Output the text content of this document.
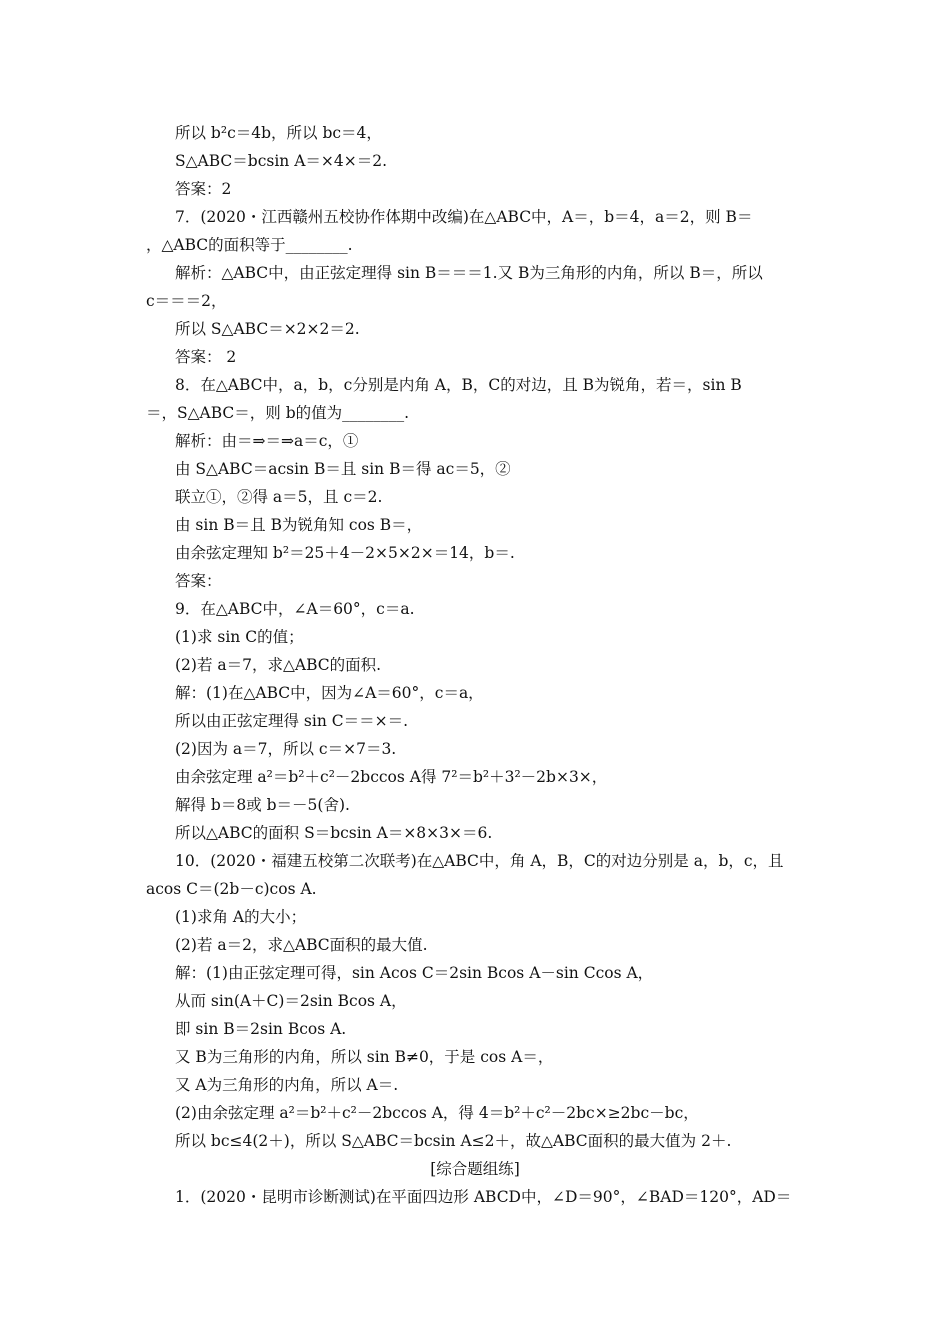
所以 b²c＝4b，所以 bc＝4，
S△ABC＝bcsin A＝×4×＝2.
答案：2
7．(2020・江西赣州五校协作体期中改编)在△ABC中，A＝，b＝4，a＝2，则 B＝
，△ABC的面积等于________.
解析：△ABC中，由正弦定理得 sin B＝＝＝1.又 B为三角形的内角，所以 B＝，所以
c＝＝＝2，
所以 S△ABC＝×2×2＝2.
答案： 2
8．在△ABC中，a，b，c分别是内角 A，B，C的对边，且 B为锐角，若＝，sin B
＝，S△ABC＝，则 b的值为________.
解析：由＝⇒＝⇒a＝c，①
由 S△ABC＝acsin B＝且 sin B＝得 ac＝5，②
联立①，②得 a＝5，且 c＝2.
由 sin B＝且 B为锐角知 cos B＝，
由余弦定理知 b²＝25＋4－2×5×2×＝14，b＝.
答案：
9．在△ABC中，∠A＝60°，c＝a.
(1)求 sin C的值；
(2)若 a＝7，求△ABC的面积.
解：(1)在△ABC中，因为∠A＝60°，c＝a，
所以由正弦定理得 sin C＝＝×＝.
(2)因为 a＝7，所以 c＝×7＝3.
由余弦定理 a²＝b²＋c²－2bccos A得 7²＝b²＋3²－2b×3×，
解得 b＝8或 b＝－5(舍).
所以△ABC的面积 S＝bcsin A＝×8×3×＝6.
10．(2020・福建五校第二次联考)在△ABC中，角 A，B，C的对边分别是 a，b，c，且
acos C＝(2b－c)cos A.
(1)求角 A的大小；
(2)若 a＝2，求△ABC面积的最大值.
解：(1)由正弦定理可得，sin Acos C＝2sin Bcos A－sin Ccos A，
从而 sin(A＋C)＝2sin Bcos A，
即 sin B＝2sin Bcos A.
又 B为三角形的内角，所以 sin B≠0，于是 cos A＝，
又 A为三角形的内角，所以 A＝.
(2)由余弦定理 a²＝b²＋c²－2bccos A，得 4＝b²＋c²－2bc×≥2bc－bc，
所以 bc≤4(2＋)，所以 S△ABC＝bcsin A≤2＋，故△ABC面积的最大值为 2＋.
[综合题组练]
1．(2020・昆明市诊断测试)在平面四边形 ABCD中，∠D＝90°，∠BAD＝120°，AD＝
